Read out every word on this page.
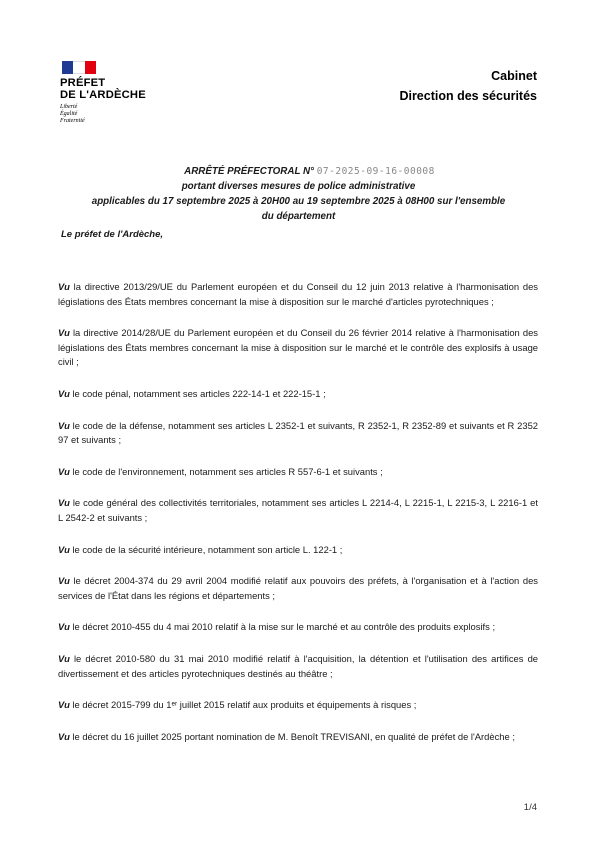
PRÉFET
DE L'ARDÈCHE
Liberté
Égalité
Fraternité
Cabinet
Direction des sécurités
ARRÊTÉ PRÉFECTORAL N° 07-2025-09-16-00008
portant diverses mesures de police administrative
applicables du 17 septembre 2025 à 20H00 au 19 septembre 2025 à 08H00 sur l'ensemble
du département
Le préfet de l'Ardèche,

Vu la directive 2013/29/UE du Parlement européen et du Conseil du 12 juin 2013 relative à l'harmonisation des législations des États membres concernant la mise à disposition sur le marché d'articles pyrotechniques ;

Vu la directive 2014/28/UE du Parlement européen et du Conseil du 26 février 2014 relative à l'harmonisation des législations des États membres concernant la mise à disposition sur le marché et le contrôle des explosifs à usage civil ;

Vu le code pénal, notamment ses articles 222-14-1 et 222-15-1 ;

Vu le code de la défense, notamment ses articles L 2352-1 et suivants, R 2352-1, R 2352-89 et suivants et R 2352 97 et suivants ;

Vu le code de l'environnement, notamment ses articles R 557-6-1 et suivants ;

Vu le code général des collectivités territoriales, notamment ses articles L 2214-4, L 2215-1, L 2215-3, L 2216-1 et L 2542-2 et suivants ;

Vu le code de la sécurité intérieure, notamment son article L. 122-1 ;

Vu le décret 2004-374 du 29 avril 2004 modifié relatif aux pouvoirs des préfets, à l'organisation et à l'action des services de l'État dans les régions et départements ;

Vu le décret 2010-455 du 4 mai 2010 relatif à la mise sur le marché et au contrôle des produits explosifs ;

Vu le décret 2010-580 du 31 mai 2010 modifié relatif à l'acquisition, la détention et l'utilisation des artifices de divertissement et des articles pyrotechniques destinés au théâtre ;

Vu le décret 2015-799 du 1ᵉʳ juillet 2015 relatif aux produits et équipements à risques ;

Vu le décret du 16 juillet 2025 portant nomination de M. Benoît TREVISANI, en qualité de préfet de l'Ardèche ;

1/4
